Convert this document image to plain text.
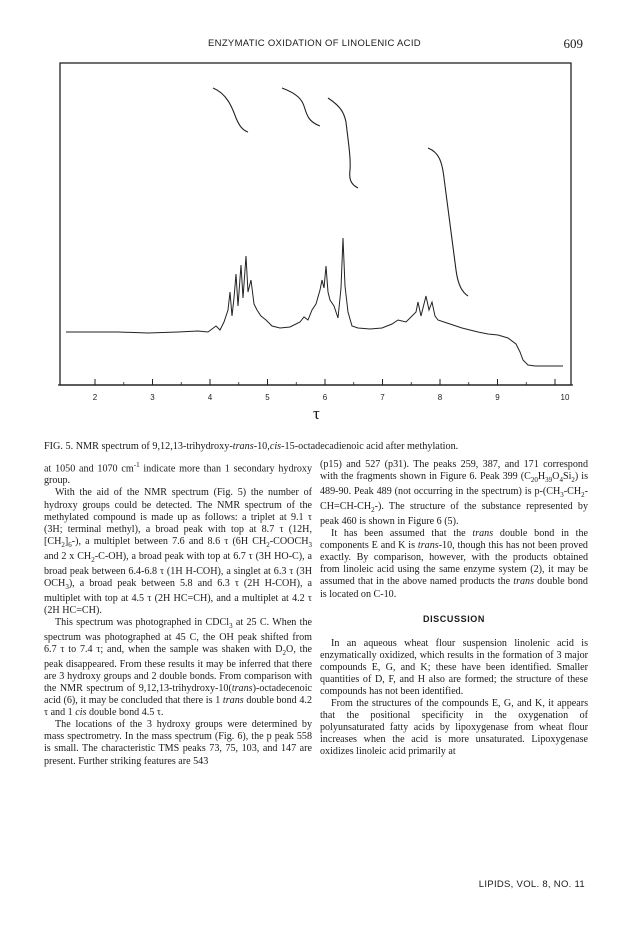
ENZYMATIC OXIDATION OF LINOLENIC ACID	609
2	3	4	5	6	7	8	9	10
τ
FIG. 5. NMR spectrum of 9,12,13-trihydroxy-trans-10,cis-15-octadecadienoic acid after methylation.

at 1050 and 1070 $cm^{-1}$ indicate more than 1 secondary hydroxy group.

With the aid of the NMR spectrum (Fig. 5) the number of hydroxy groups could be detected. The NMR spectrum of the methylated compound is made up as follows: a triplet at 9.1 τ (3H; terminal methyl), a broad peak with top at 8.7 τ (12H, $[CH_2]_6-$), a multiplet between 7.6 and 8.6 τ (6H $CH_2-COOCH_3$ and 2 x $CH_2-C-OH$), a broad peak with top at 6.7 τ (3H HO-C), a broad peak between 6.4-6.8 τ (1H H-COH), a singlet at 6.3 τ (3H $OCH_3$), a broad peak between 5.8 and 6.3 τ (2H H-COH), a multiplet with top at 4.5 τ (2H HC=CH), and a multiplet at 4.2 τ (2H HC=CH).

This spectrum was photographed in CDCl$_3$ at 25 C. When the spectrum was photographed at 45 C, the OH peak shifted from 6.7 τ to 7.4 τ; and, when the sample was shaken with $D_2O$, the peak disappeared. From these results it may be inferred that there are 3 hydroxy groups and 2 double bonds. From comparison with the NMR spectrum of 9,12,13-trihydroxy-10(trans)-octadecenoic acid (6), it may be concluded that there is 1 trans double bond 4.2 τ and 1 cis double bond 4.5 τ.

The locations of the 3 hydroxy groups were determined by mass spectrometry. In the mass spectrum (Fig. 6), the p peak 558 is small. The characteristic TMS peaks 73, 75, 103, and 147 are present. Further striking features are 543

(p15) and 527 (p31). The peaks 259, 387, and 171 correspond with the fragments shown in Figure 6. Peak 399 $(C_{20}H_{39}O_4Si_2)$ is 489-90. Peak 489 (not occurring in the spectrum) is $p-(CH_3-CH_2-CH=CH-CH_2-)$. The structure of the substance represented by peak 460 is shown in Figure 6 (5).

It has been assumed that the trans double bond in the components E and K is trans-10, though this has not been proved exactly. By comparison, however, with the products obtained from linoleic acid using the same enzyme system (2), it may be assumed that in the above named products the trans double bond is located on C-10.

DISCUSSION

In an aqueous wheat flour suspension linolenic acid is enzymatically oxidized, which results in the formation of 3 major compounds E, G, and K; these have been identified. Smaller quantities of D, F, and H also are formed; the structure of these compounds has not been identified.

From the structures of the compounds E, G, and K, it appears that the positional specificity in the oxygenation of polyunsaturated fatty acids by lipoxygenase from wheat flour increases when the acid is more unsaturated. Lipoxygenase oxidizes linoleic acid primarily at

LIPIDS, VOL. 8, NO. 11
